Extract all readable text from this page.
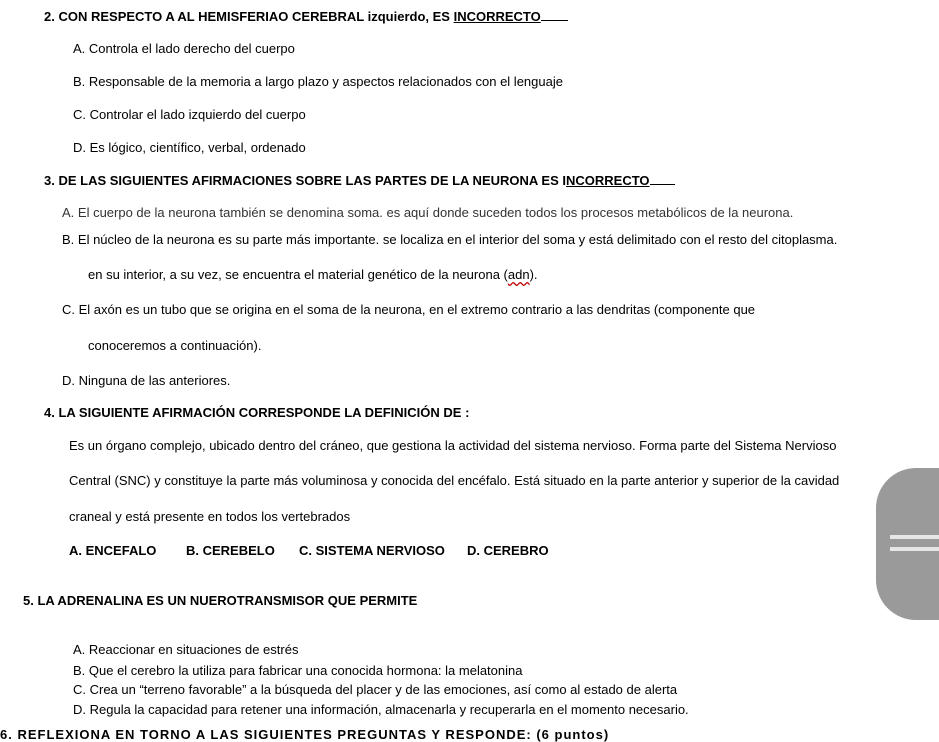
2. CON RESPECTO A AL HEMISFERIAO CEREBRAL izquierdo, ES INCORRECTO
A. Controla el lado derecho del cuerpo
B. Responsable de la memoria a largo plazo y aspectos relacionados con el lenguaje
C. Controlar el lado izquierdo del cuerpo
D. Es lógico, científico, verbal, ordenado
3. DE LAS SIGUIENTES AFIRMACIONES SOBRE LAS PARTES DE LA NEURONA ES INCORRECTO
A. El cuerpo de la neurona también se denomina soma. es aquí donde suceden todos los procesos metabólicos de la neurona.
B. El núcleo de la neurona es su parte más importante. se localiza en el interior del soma y está delimitado con el resto del citoplasma.
en su interior, a su vez, se encuentra el material genético de la neurona (adn).
C. El axón es un tubo que se origina en el soma de la neurona, en el extremo contrario a las dendritas (componente que
conoceremos a continuación).
D. Ninguna de las anteriores.
4. LA SIGUIENTE AFIRMACIÓN CORRESPONDE LA DEFINICIÓN DE :
Es un órgano complejo, ubicado dentro del cráneo, que gestiona la actividad del sistema nervioso. Forma parte del Sistema Nervioso
Central (SNC) y constituye la parte más voluminosa y conocida del encéfalo. Está situado en la parte anterior y superior de la cavidad
craneal y está presente en todos los vertebrados
A. ENCEFALO B. CEREBELO C. SISTEMA NERVIOSO D. CEREBRO
5. LA ADRENALINA ES UN NUEROTRANSMISOR QUE PERMITE
A. Reaccionar en situaciones de estrés
B. Que el cerebro la utiliza para fabricar una conocida hormona: la melatonina
C. Crea un “terreno favorable” a la búsqueda del placer y de las emociones, así como al estado de alerta
D. Regula la capacidad para retener una información, almacenarla y recuperarla en el momento necesario.
6. REFLEXIONA EN TORNO A LAS SIGUIENTES PREGUNTAS Y RESPONDE: (6 puntos)
